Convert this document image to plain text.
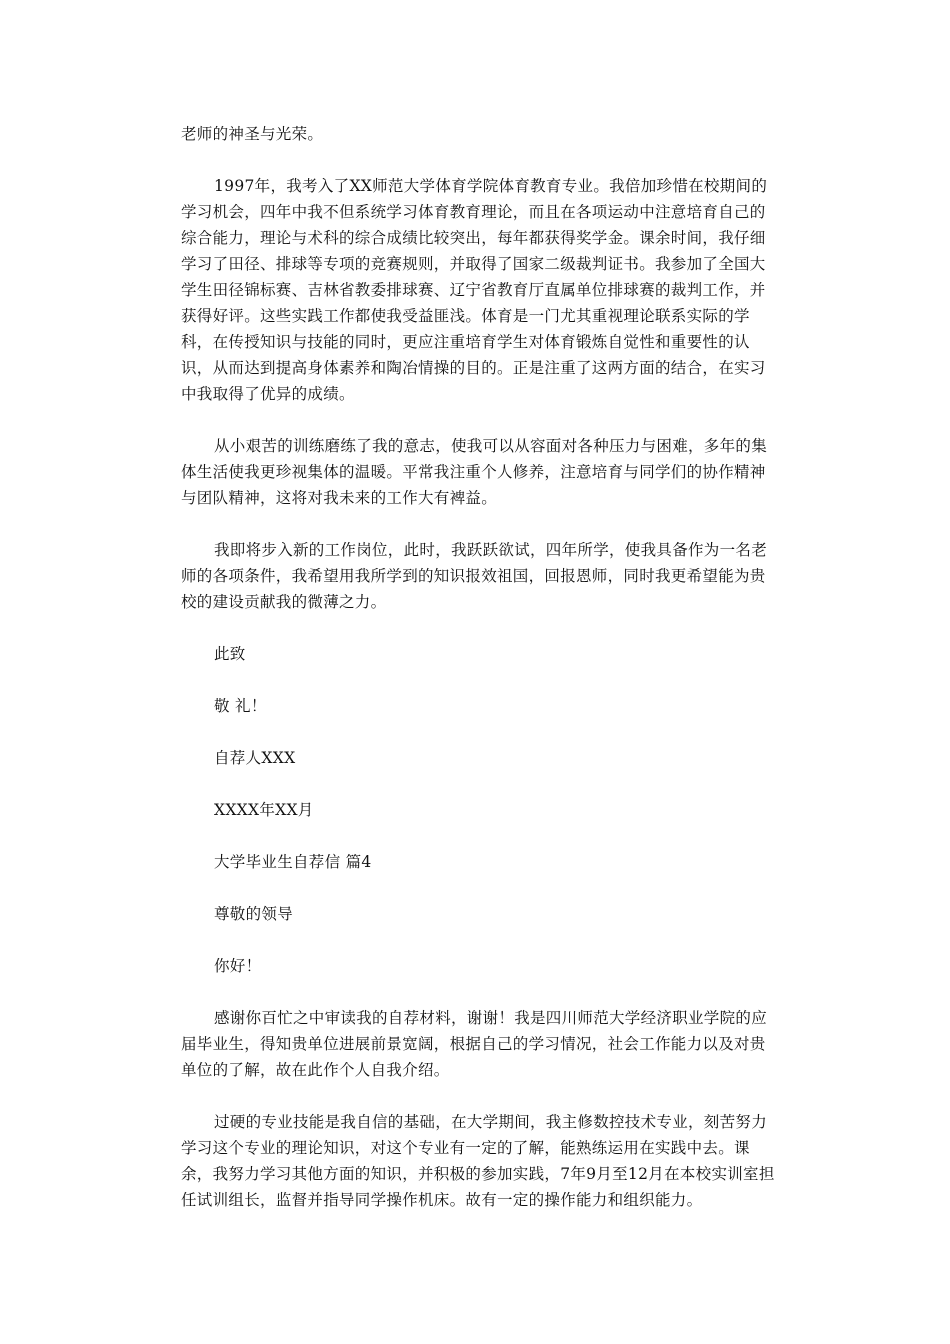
老师的神圣与光荣。

1997年，我考入了XX师范大学体育学院体育教育专业。我倍加珍惜在校期间的学习机会，四年中我不但系统学习体育教育理论，而且在各项运动中注意培育自己的综合能力，理论与术科的综合成绩比较突出，每年都获得奖学金。课余时间，我仔细学习了田径、排球等专项的竞赛规则，并取得了国家二级裁判证书。我参加了全国大学生田径锦标赛、吉林省教委排球赛、辽宁省教育厅直属单位排球赛的裁判工作，并获得好评。这些实践工作都使我受益匪浅。体育是一门尤其重视理论联系实际的学科，在传授知识与技能的同时，更应注重培育学生对体育锻炼自觉性和重要性的认识，从而达到提高身体素养和陶冶情操的目的。正是注重了这两方面的结合，在实习中我取得了优异的成绩。

从小艰苦的训练磨练了我的意志，使我可以从容面对各种压力与困难，多年的集体生活使我更珍视集体的温暖。平常我注重个人修养，注意培育与同学们的协作精神与团队精神，这将对我未来的工作大有裨益。

我即将步入新的工作岗位，此时，我跃跃欲试，四年所学，使我具备作为一名老师的各项条件，我希望用我所学到的知识报效祖国，回报恩师，同时我更希望能为贵校的建设贡献我的微薄之力。

此致

敬 礼！

自荐人XXX

XXXX年XX月

大学毕业生自荐信 篇4

尊敬的领导

你好！

感谢你百忙之中审读我的自荐材料，谢谢！我是四川师范大学经济职业学院的应届毕业生，得知贵单位进展前景宽阔，根据自己的学习情况，社会工作能力以及对贵单位的了解，故在此作个人自我介绍。

过硬的专业技能是我自信的基础，在大学期间，我主修数控技术专业，刻苦努力学习这个专业的理论知识，对这个专业有一定的了解，能熟练运用在实践中去。课余，我努力学习其他方面的知识，并积极的参加实践，7年9月至12月在本校实训室担任试训组长，监督并指导同学操作机床。故有一定的操作能力和组织能力。
